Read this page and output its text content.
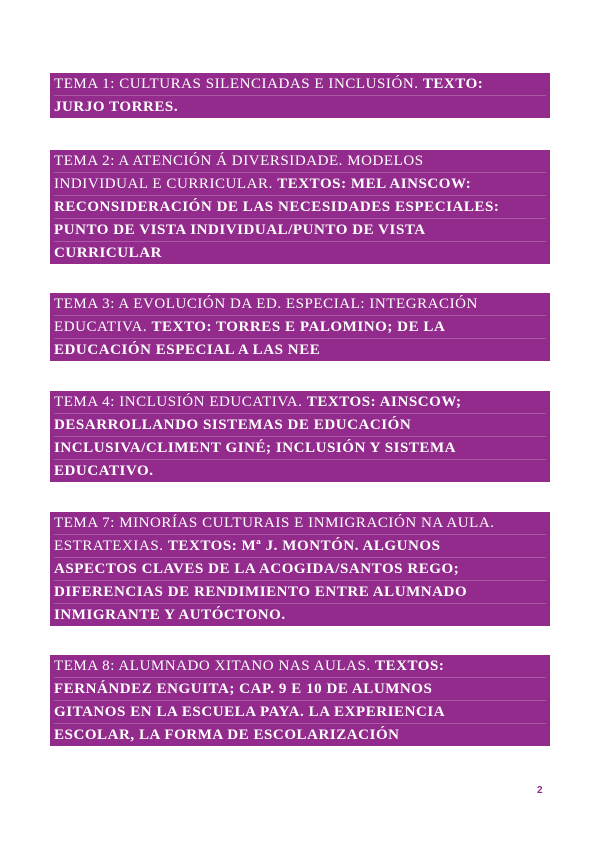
TEMA 1: CULTURAS SILENCIADAS E INCLUSIÓN. TEXTO:
JURJO TORRES.
TEMA 2: A ATENCIÓN Á DIVERSIDADE. MODELOS
INDIVIDUAL E CURRICULAR. TEXTOS: MEL AINSCOW:
RECONSIDERACIÓN DE LAS NECESIDADES ESPECIALES:
PUNTO DE VISTA INDIVIDUAL/PUNTO DE VISTA
CURRICULAR
TEMA 3: A EVOLUCIÓN DA ED. ESPECIAL: INTEGRACIÓN
EDUCATIVA. TEXTO: TORRES E PALOMINO; DE LA
EDUCACIÓN ESPECIAL A LAS NEE
TEMA 4: INCLUSIÓN EDUCATIVA. TEXTOS: AINSCOW;
DESARROLLANDO SISTEMAS DE EDUCACIÓN
INCLUSIVA/CLIMENT GINÉ; INCLUSIÓN Y SISTEMA
EDUCATIVO.
TEMA 7: MINORÍAS CULTURAIS E INMIGRACIÓN NA AULA.
ESTRATEXIAS. TEXTOS: Mª J. MONTÓN. ALGUNOS
ASPECTOS CLAVES DE LA ACOGIDA/SANTOS REGO;
DIFERENCIAS DE RENDIMIENTO ENTRE ALUMNADO
INMIGRANTE Y AUTÓCTONO.
TEMA 8: ALUMNADO XITANO NAS AULAS. TEXTOS:
FERNÁNDEZ ENGUITA; CAP. 9 E 10 DE ALUMNOS
GITANOS EN LA ESCUELA PAYA. LA EXPERIENCIA
ESCOLAR, LA FORMA DE ESCOLARIZACIÓN
2
